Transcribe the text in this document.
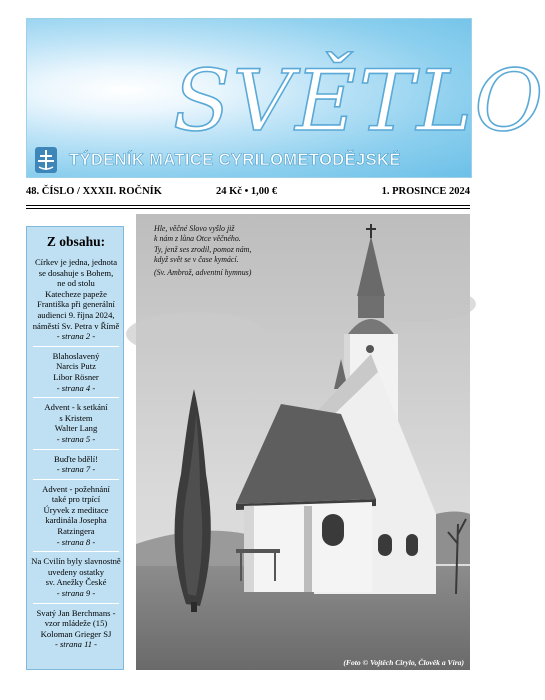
SVĚTLO
TÝDENÍK MATICE CYRILOMETODĚJSKÉ
48. ČÍSLO / XXXII. ROČNÍK	24 Kč • 1,00 €	1. PROSINCE 2024
Z obsahu:
Církev je jedna, jednota
se dosahuje s Bohem,
ne od stolu
Katecheze papeže
Františka při generální
audienci 9. října 2024,
náměstí Sv. Petra v Římě
- strana 2 -
Blahoslavený
Narcis Putz
Libor Rösner
- strana 4 -
Advent - k setkání
s Kristem
Walter Lang
- strana 5 -
Buďte bdělí!
- strana 7 -
Advent - požehnání
také pro trpící
Úryvek z meditace
kardinála Josepha
Ratzingera
- strana 8 -
Na Cvilín byly slavnostně
uvedeny ostatky
sv. Anežky České
- strana 9 -
Svatý Jan Berchmans -
vzor mládeže (15)
Koloman Grieger SJ
- strana 11 -
Hle, věčné Slovo vyšlo již
k nám z lůna Otce věčného.
Ty, jenž ses zrodil, pomoz nám,
když svět se v čase kymácí.
(Sv. Ambrož, adventní hymnus)
(Foto © Vojtěch Cirylo, Člověk a Víra)
